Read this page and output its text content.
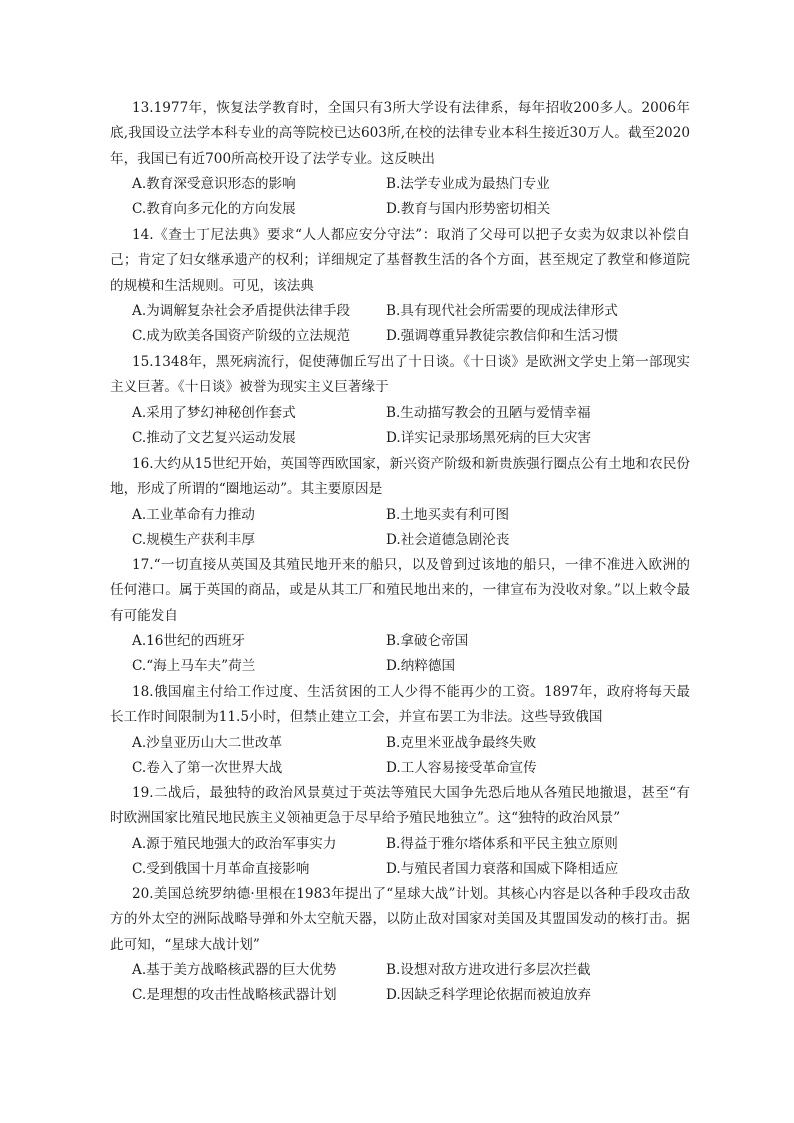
13.1977年，恢复法学教育时，全国只有3所大学设有法律系，每年招收200多人。2006年底,我国设立法学本科专业的高等院校已达603所,在校的法律专业本科生接近30万人。截至2020年，我国已有近700所高校开设了法学专业。这反映出

A.教育深受意识形态的影响	B.法学专业成为最热门专业
C.教育向多元化的方向发展	D.教育与国内形势密切相关

14.《查士丁尼法典》要求“人人都应安分守法”：取消了父母可以把子女卖为奴隶以补偿自己；肯定了妇女继承遗产的权利；详细规定了基督教生活的各个方面，甚至规定了教堂和修道院的规模和生活规则。可见，该法典

A.为调解复杂社会矛盾提供法律手段	B.具有现代社会所需要的现成法律形式
C.成为欧美各国资产阶级的立法规范	D.强调尊重异教徒宗教信仰和生活习惯

15.1348年，黑死病流行，促使薄伽丘写出了十日谈。《十日谈》是欧洲文学史上第一部现实主义巨著。《十日谈》被誉为现实主义巨著缘于

A.采用了梦幻神秘创作套式	B.生动描写教会的丑陋与爱情幸福
C.推动了文艺复兴运动发展	D.详实记录那场黑死病的巨大灾害

16.大约从15世纪开始，英国等西欧国家，新兴资产阶级和新贵族强行圈点公有土地和农民份地，形成了所谓的“圈地运动”。其主要原因是

A.工业革命有力推动	B.土地买卖有利可图
C.规模生产获利丰厚	D.社会道德急剧沦丧

17.“一切直接从英国及其殖民地开来的船只，以及曾到过该地的船只，一律不准进入欧洲的任何港口。属于英国的商品，或是从其工厂和殖民地出来的，一律宣布为没收对象。”以上敕令最有可能发自

A.16世纪的西班牙	B.拿破仑帝国
C.“海上马车夫”荷兰	D.纳粹德国

18.俄国雇主付给工作过度、生活贫困的工人少得不能再少的工资。1897年，政府将每天最长工作时间限制为11.5小时，但禁止建立工会，并宣布罢工为非法。这些导致俄国

A.沙皇亚历山大二世改革	B.克里米亚战争最终失败
C.卷入了第一次世界大战	D.工人容易接受革命宣传

19.二战后，最独特的政治风景莫过于英法等殖民大国争先恐后地从各殖民地撤退，甚至“有时欧洲国家比殖民地民族主义领袖更急于尽早给予殖民地独立”。这“独特的政治风景”

A.源于殖民地强大的政治军事实力	B.得益于雅尔塔体系和平民主独立原则
C.受到俄国十月革命直接影响	D.与殖民者国力衰落和国威下降相适应

20.美国总统罗纳德·里根在1983年提出了“星球大战”计划。其核心内容是以各种手段攻击敌方的外太空的洲际战略导弹和外太空航天器，以防止敌对国家对美国及其盟国发动的核打击。据此可知，“星球大战计划”

A.基于美方战略核武器的巨大优势	B.设想对敌方进攻进行多层次拦截
C.是理想的攻击性战略核武器计划	D.因缺乏科学理论依据而被迫放弃
